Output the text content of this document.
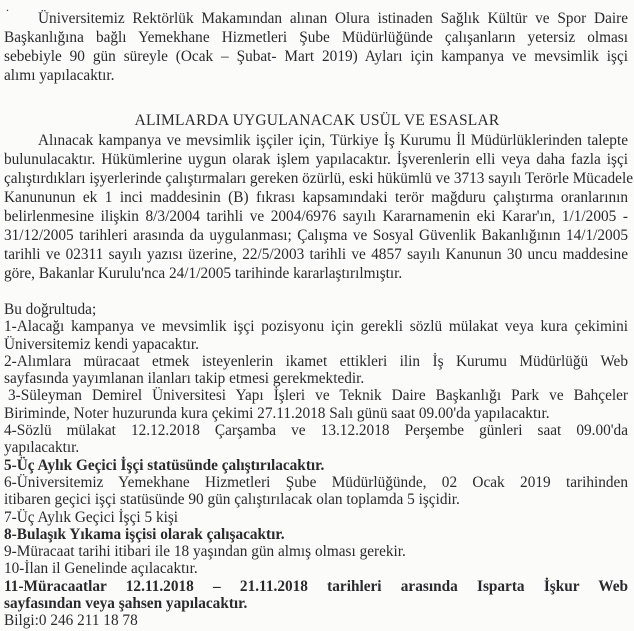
.
Üniversitemiz Rektörlük Makamından alınan Olura istinaden Sağlık Kültür ve Spor Daire
Başkanlığına bağlı Yemekhane Hizmetleri Şube Müdürlüğünde çalışanların yetersiz olması
sebebiyle 90 gün süreyle (Ocak – Şubat- Mart 2019) Ayları için kampanya ve mevsimlik işçi
alımı yapılacaktır.
ALIMLARDA UYGULANACAK USÜL VE ESASLAR
Alınacak kampanya ve mevsimlik işçiler için, Türkiye İş Kurumu İl Müdürlüklerinden talepte
bulunulacaktır. Hükümlerine uygun olarak işlem yapılacaktır. İşverenlerin elli veya daha fazla işçi
çalıştırdıkları işyerlerinde çalıştırmaları gereken özürlü, eski hükümlü ve 3713 sayılı Terörle Mücadele
Kanununun ek 1 inci maddesinin (B) fıkrası kapsamındaki terör mağduru çalıştırma oranlarının
belirlenmesine ilişkin 8/3/2004 tarihli ve 2004/6976 sayılı Kararnamenin eki Karar'ın, 1/1/2005 -
31/12/2005 tarihleri arasında da uygulanması; Çalışma ve Sosyal Güvenlik Bakanlığının 14/1/2005
tarihli ve 02311 sayılı yazısı üzerine, 22/5/2003 tarihli ve 4857 sayılı Kanunun 30 uncu maddesine
göre, Bakanlar Kurulu'nca 24/1/2005 tarihinde kararlaştırılmıştır.
Bu doğrultuda;
1-Alacağı kampanya ve mevsimlik işçi pozisyonu için gerekli sözlü mülakat veya kura çekimini
Üniversitemiz kendi yapacaktır.
2-Alımlara müracaat etmek isteyenlerin ikamet ettikleri ilin İş Kurumu Müdürlüğü Web
sayfasında yayımlanan ilanları takip etmesi gerekmektedir.
3-Süleyman Demirel Üniversitesi Yapı İşleri ve Teknik Daire Başkanlığı Park ve Bahçeler
Biriminde, Noter huzurunda kura çekimi 27.11.2018 Salı günü saat 09.00'da yapılacaktır.
4-Sözlü mülakat 12.12.2018 Çarşamba ve 13.12.2018 Perşembe günleri saat 09.00'da
yapılacaktır.
5-Üç Aylık Geçici İşçi statüsünde çalıştırılacaktır.
6-Üniversitemiz Yemekhane Hizmetleri Şube Müdürlüğünde, 02 Ocak 2019 tarihinden
itibaren geçici işçi statüsünde 90 gün çalıştırılacak olan toplamda 5 işçidir.
7-Üç Aylık Geçici İşçi 5 kişi
8-Bulaşık Yıkama işçisi olarak çalışacaktır.
9-Müracaat tarihi itibari ile 18 yaşından gün almış olması gerekir.
10-İlan il Genelinde açılacaktır.
11-Müracaatlar 12.11.2018 – 21.11.2018 tarihleri arasında Isparta İşkur Web
sayfasından veya şahsen yapılacaktır.
Bilgi:0 246 211 18 78
